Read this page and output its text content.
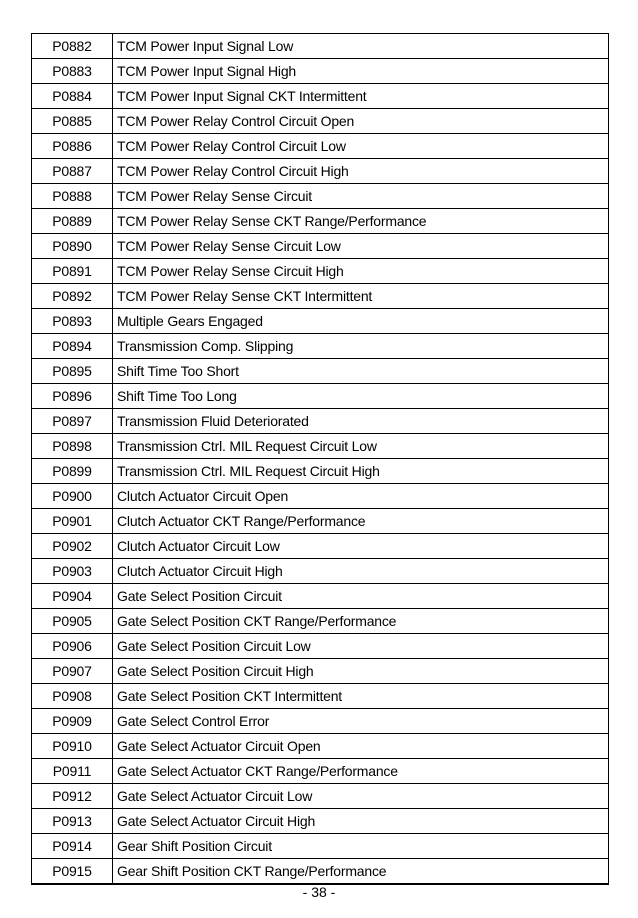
P0882	TCM Power Input Signal Low
P0883	TCM Power Input Signal High
P0884	TCM Power Input Signal CKT Intermittent
P0885	TCM Power Relay Control Circuit Open
P0886	TCM Power Relay Control Circuit Low
P0887	TCM Power Relay Control Circuit High
P0888	TCM Power Relay Sense Circuit
P0889	TCM Power Relay Sense CKT Range/Performance
P0890	TCM Power Relay Sense Circuit Low
P0891	TCM Power Relay Sense Circuit High
P0892	TCM Power Relay Sense CKT Intermittent
P0893	Multiple Gears Engaged
P0894	Transmission Comp. Slipping
P0895	Shift Time Too Short
P0896	Shift Time Too Long
P0897	Transmission Fluid Deteriorated
P0898	Transmission Ctrl. MIL Request Circuit Low
P0899	Transmission Ctrl. MIL Request Circuit High
P0900	Clutch Actuator Circuit Open
P0901	Clutch Actuator CKT Range/Performance
P0902	Clutch Actuator Circuit Low
P0903	Clutch Actuator Circuit High
P0904	Gate Select Position Circuit
P0905	Gate Select Position CKT Range/Performance
P0906	Gate Select Position Circuit Low
P0907	Gate Select Position Circuit High
P0908	Gate Select Position CKT Intermittent
P0909	Gate Select Control Error
P0910	Gate Select Actuator Circuit Open
P0911	Gate Select Actuator CKT Range/Performance
P0912	Gate Select Actuator Circuit Low
P0913	Gate Select Actuator Circuit High
P0914	Gear Shift Position Circuit
P0915	Gear Shift Position CKT Range/Performance
- 38 -
